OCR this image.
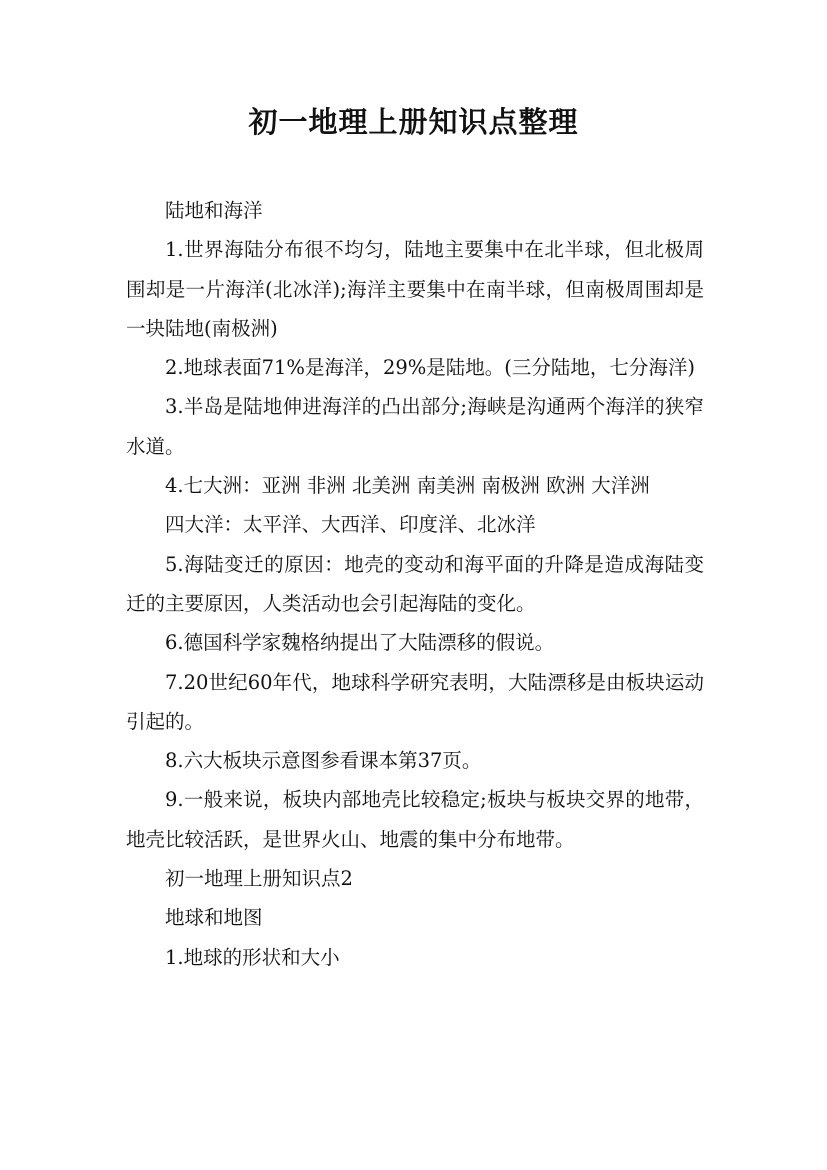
初一地理上册知识点整理

陆地和海洋

1.世界海陆分布很不均匀，陆地主要集中在北半球，但北极周围却是一片海洋(北冰洋);海洋主要集中在南半球，但南极周围却是一块陆地(南极洲)

2.地球表面71%是海洋，29%是陆地。(三分陆地，七分海洋)

3.半岛是陆地伸进海洋的凸出部分;海峡是沟通两个海洋的狭窄水道。

4.七大洲：亚洲 非洲 北美洲 南美洲 南极洲 欧洲 大洋洲

四大洋：太平洋、大西洋、印度洋、北冰洋

5.海陆变迁的原因：地壳的变动和海平面的升降是造成海陆变迁的主要原因，人类活动也会引起海陆的变化。

6.德国科学家魏格纳提出了大陆漂移的假说。

7.20世纪60年代，地球科学研究表明，大陆漂移是由板块运动引起的。

8.六大板块示意图参看课本第37页。

9.一般来说，板块内部地壳比较稳定;板块与板块交界的地带，地壳比较活跃，是世界火山、地震的集中分布地带。

初一地理上册知识点2

地球和地图

1.地球的形状和大小
